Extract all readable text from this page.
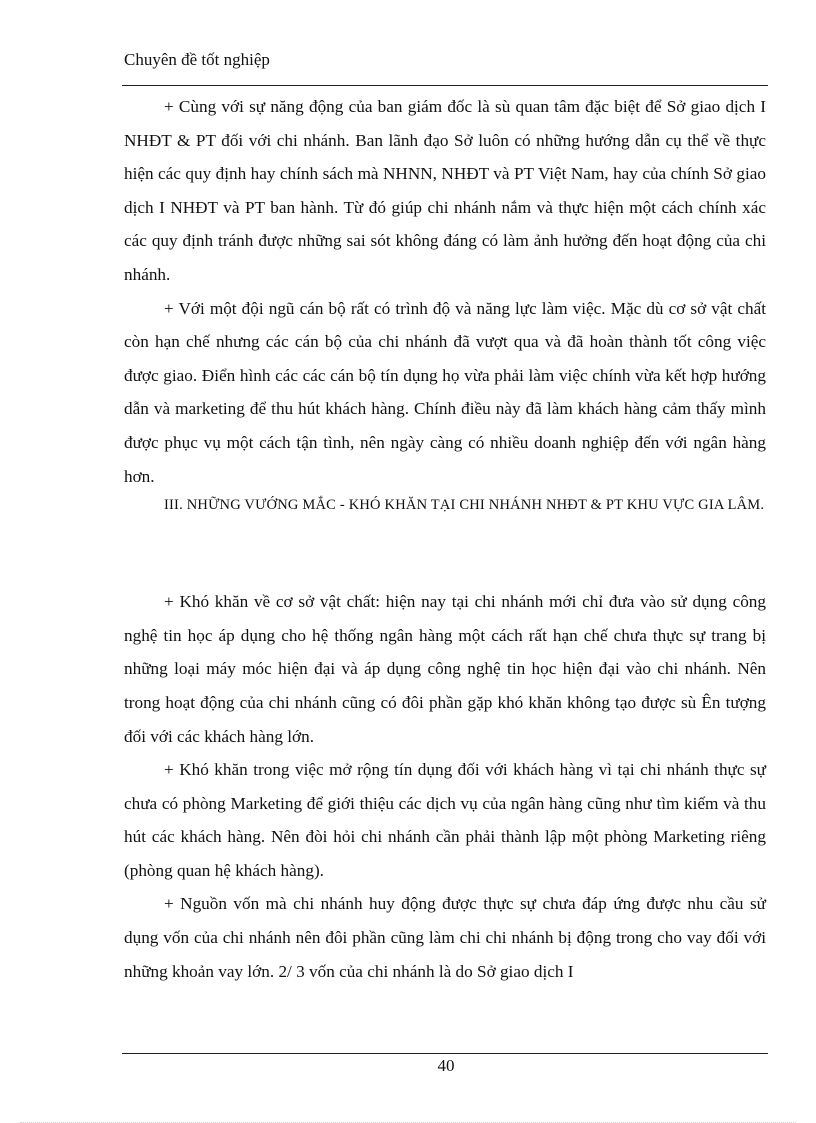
Chuyên đề tốt nghiệp

+ Cùng với sự năng động của ban giám đốc là sù quan tâm đặc biệt để Sở giao dịch I NHĐT & PT đối với chi nhánh. Ban lãnh đạo Sở luôn có những hướng dẫn cụ thể về thực hiện các quy định hay chính sách mà NHNN, NHĐT và PT Việt Nam, hay của chính Sở giao dịch I NHĐT và PT ban hành. Từ đó giúp chi nhánh nắm và thực hiện một cách chính xác các quy định tránh được những sai sót không đáng có làm ảnh hưởng đến hoạt động của chi nhánh.

+ Với một đội ngũ cán bộ rất có trình độ và năng lực làm việc. Mặc dù cơ sở vật chất còn hạn chế nhưng các cán bộ của chi nhánh đã vượt qua và đã hoàn thành tốt công việc được giao. Điển hình các các cán bộ tín dụng họ vừa phải làm việc chính vừa kết hợp hướng dẫn và marketing để thu hút khách hàng. Chính điều này đã làm khách hàng cảm thấy mình được phục vụ một cách tận tình, nên ngày càng có nhiều doanh nghiệp đến với ngân hàng hơn.

III. NHỮNG VƯỚNG MẮC - KHÓ KHĂN TẠI CHI NHÁNH NHĐT & PT KHU VỰC GIA LÂM.

+ Khó khăn về cơ sở vật chất: hiện nay tại chi nhánh mới chỉ đưa vào sử dụng công nghệ tin học áp dụng cho hệ thống ngân hàng một cách rất hạn chế chưa thực sự trang bị những loại máy móc hiện đại và áp dụng công nghệ tin học hiện đại vào chi nhánh. Nên trong hoạt động của chi nhánh cũng có đôi phần gặp khó khăn không tạo được sù Ên tượng đối với các khách hàng lớn.

+ Khó khăn trong việc mở rộng tín dụng đối với khách hàng vì tại chi nhánh thực sự chưa có phòng Marketing để giới thiệu các dịch vụ của ngân hàng cũng như tìm kiếm và thu hút các khách hàng. Nên đòi hỏi chi nhánh cần phải thành lập một phòng Marketing riêng (phòng quan hệ khách hàng).

+ Nguồn vốn mà chi nhánh huy động được thực sự chưa đáp ứng được nhu cầu sử dụng vốn của chi nhánh nên đôi phần cũng làm chi chi nhánh bị động trong cho vay đối với những khoản vay lớn. 2/ 3 vốn của chi nhánh là do Sở giao dịch I

40
